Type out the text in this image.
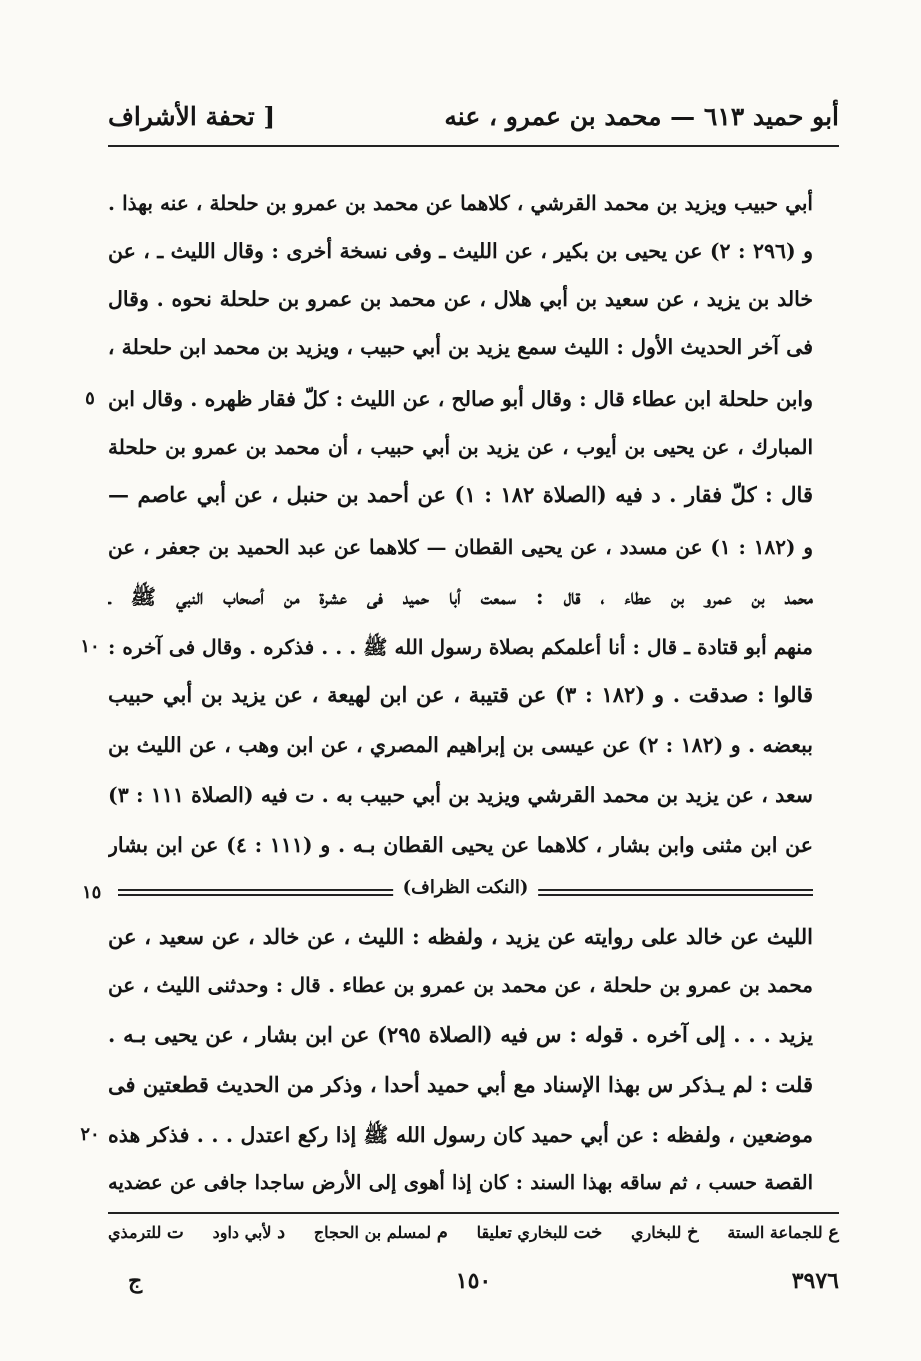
أبو حميد ٦١٣ — محمد بن عمرو ، عنه
[ تحفة الأشراف
أبي حبيب ويزيد بن محمد القرشي ، كلاهما عن محمد بن عمرو بن حلحلة ، عنه بهذا .
و (٢٩٦ : ٢) عن يحيى بن بكير ، عن الليث ـ وفى نسخة أخرى : وقال الليث ـ ، عن
خالد بن يزيد ، عن سعيد بن أبي هلال ، عن محمد بن عمرو بن حلحلة نحوه . وقال
فى آخر الحديث الأول : الليث سمع يزيد بن أبي حبيب ، ويزيد بن محمد ابن حلحلة ،
وابن حلحلة ابن عطاء قال : وقال أبو صالح ، عن الليث : كلّ فقار ظهره . وقال ابن
المبارك ، عن يحيى بن أيوب ، عن يزيد بن أبي حبيب ، أن محمد بن عمرو بن حلحلة
قال : كلّ فقار . د فيه (الصلاة ١٨٢ : ١) عن أحمد بن حنبل ، عن أبي عاصم —
و (١٨٢ : ١) عن مسدد ، عن يحيى القطان — كلاهما عن عبد الحميد بن جعفر ، عن
محمد بن عمرو بن عطاء ، قال : سمعت أبا حميد فى عشرة من أصحاب النبي ﷺ ـ
منهم أبو قتادة ـ قال : أنا أعلمكم بصلاة رسول الله ﷺ . . . فذكره . وقال فى آخره :
قالوا : صدقت . و (١٨٢ : ٣) عن قتيبة ، عن ابن لهيعة ، عن يزيد بن أبي حبيب
ببعضه . و (١٨٢ : ٢) عن عيسى بن إبراهيم المصري ، عن ابن وهب ، عن الليث بن
سعد ، عن يزيد بن محمد القرشي ويزيد بن أبي حبيب به . ت فيه (الصلاة ١١١ : ٣)
عن ابن مثنى وابن بشار ، كلاهما عن يحيى القطان بـه . و (١١١ : ٤) عن ابن بشار
الليث عن خالد على روايته عن يزيد ، ولفظه : الليث ، عن خالد ، عن سعيد ، عن
محمد بن عمرو بن حلحلة ، عن محمد بن عمرو بن عطاء . قال : وحدثنى الليث ، عن
يزيد . . . إلى آخره . قوله : س فيه (الصلاة ٢٩٥) عن ابن بشار ، عن يحيى بـه .
قلت : لم يـذكر س بهذا الإسناد مع أبي حميد أحدا ، وذكر من الحديث قطعتين فى
موضعين ، ولفظه : عن أبي حميد كان رسول الله ﷺ إذا ركع اعتدل . . . فذكر هذه
القصة حسب ، ثم ساقه بهذا السند : كان إذا أهوى إلى الأرض ساجدا جافى عن عضديه
٥
١٠
٢٠
(النكت الظراف)
١٥
ع للجماعة الستة
خ للبخاري
خت للبخاري تعليقا
م لمسلم بن الحجاج
د لأبي داود
ت للترمذي
٣٩٧٦
١٥٠
ج
